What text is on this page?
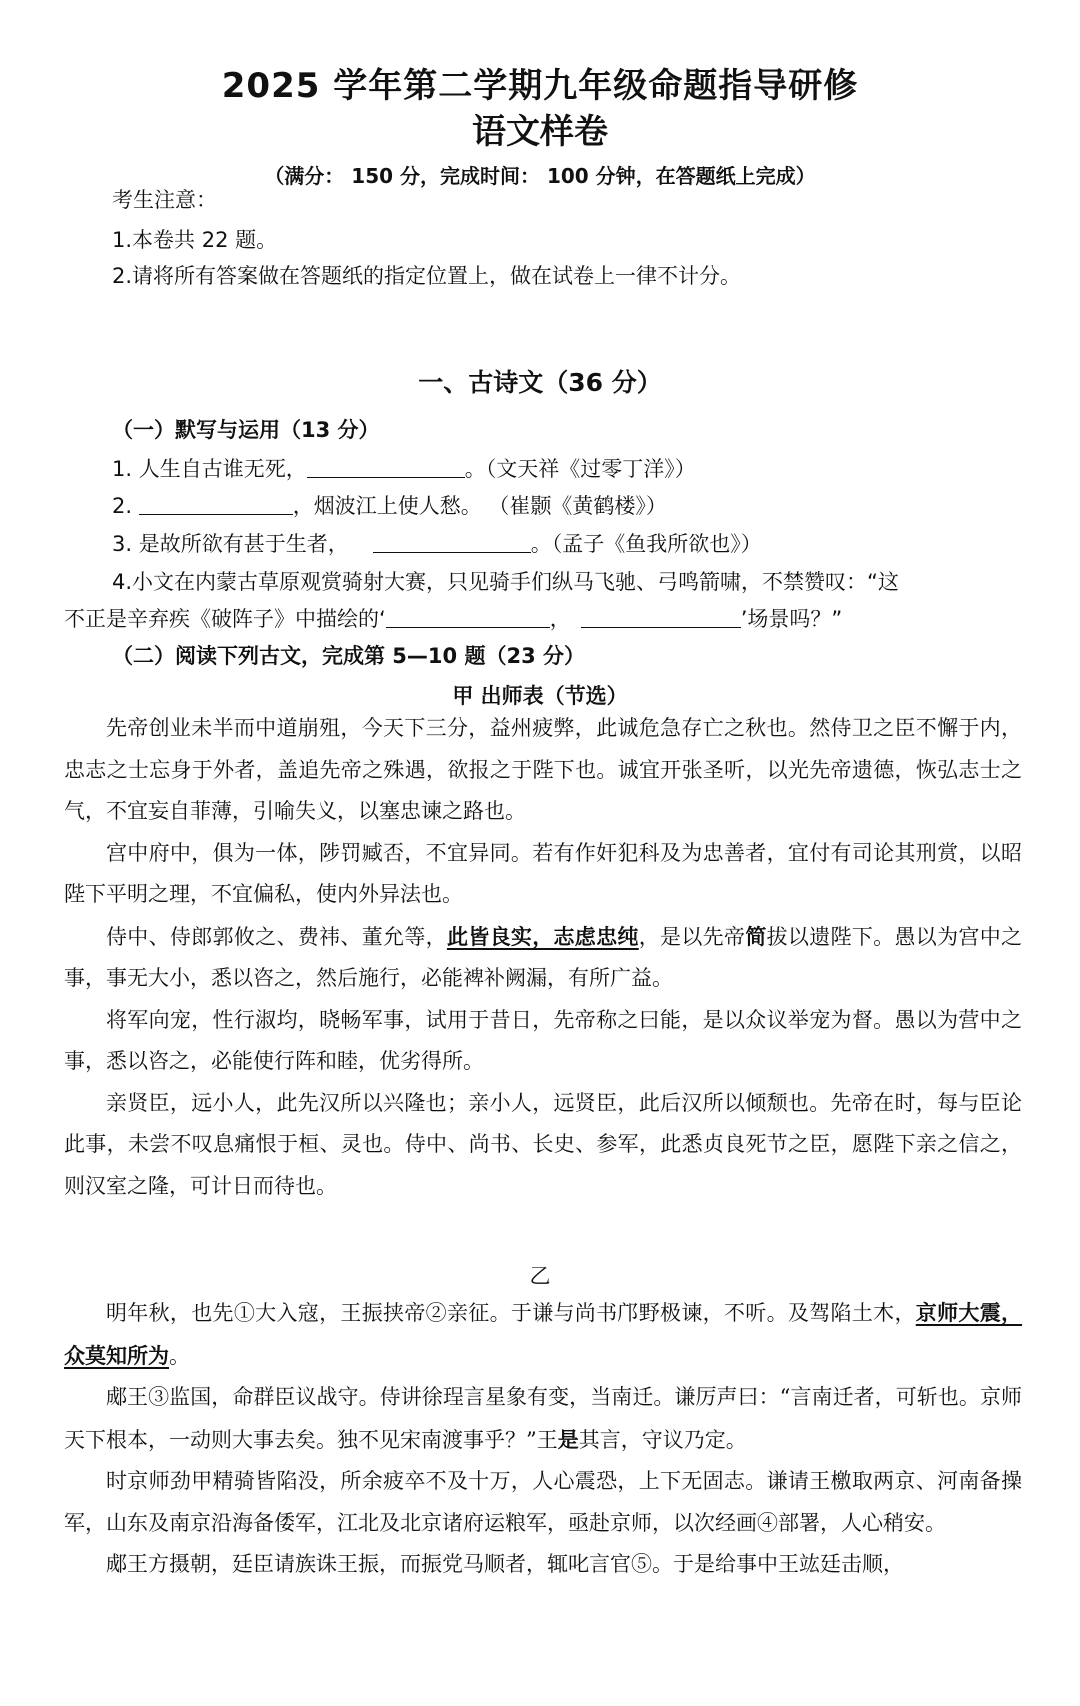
2025 学年第二学期九年级命题指导研修
语文样卷
（满分： 150 分，完成时间： 100 分钟，在答题纸上完成）
考生注意：
1.本卷共 22 题。
2.请将所有答案做在答题纸的指定位置上，做在试卷上一律不计分。
一、古诗文（36 分）
（一）默写与运用（13 分）
1. 人生自古谁无死，	。（文天祥《过零丁洋》）
2.	，烟波江上使人愁。 （崔颢《黄鹤楼》）
3. 是故所欲有甚于生者，	。（孟子《鱼我所欲也》）
4.小文在内蒙古草原观赏骑射大赛，只见骑手们纵马飞驰、弓鸣箭啸，不禁赞叹：“这
不正是辛弃疾《破阵子》中描绘的‘	，	’场景吗？”
（二）阅读下列古文，完成第 5—10 题（23 分）
甲 出师表（节选）

先帝创业未半而中道崩殂，今天下三分，益州疲弊，此诚危急存亡之秋也。然侍卫之臣不懈于内，忠志之士忘身于外者，盖追先帝之殊遇，欲报之于陛下也。诚宜开张圣听，以光先帝遗德，恢弘志士之气，不宜妄自菲薄，引喻失义，以塞忠谏之路也。

宫中府中，俱为一体，陟罚臧否，不宜异同。若有作奸犯科及为忠善者，宜付有司论其刑赏，以昭陛下平明之理，不宜偏私，使内外异法也。

侍中、侍郎郭攸之、费祎、董允等，此皆良实，志虑忠纯，是以先帝简拔以遗陛下。愚以为宫中之事，事无大小，悉以咨之，然后施行，必能裨补阙漏，有所广益。

将军向宠，性行淑均，晓畅军事，试用于昔日，先帝称之曰能，是以众议举宠为督。愚以为营中之事，悉以咨之，必能使行阵和睦，优劣得所。

亲贤臣，远小人，此先汉所以兴隆也；亲小人，远贤臣，此后汉所以倾颓也。先帝在时，每与臣论此事，未尝不叹息痛恨于桓、灵也。侍中、尚书、长史、参军，此悉贞良死节之臣，愿陛下亲之信之，则汉室之隆，可计日而待也。

乙

明年秋，也先①大入寇，王振挟帝②亲征。于谦与尚书邝野极谏，不听。及驾陷土木，京师大震，众莫知所为。

郕王③监国，命群臣议战守。侍讲徐珵言星象有变，当南迁。谦厉声曰：“言南迁者，可斩也。京师天下根本，一动则大事去矣。独不见宋南渡事乎？”王是其言，守议乃定。

时京师劲甲精骑皆陷没，所余疲卒不及十万，人心震恐，上下无固志。谦请王檄取两京、河南备操军，山东及南京沿海备倭军，江北及北京诸府运粮军，亟赴京师，以次经画④部署，人心稍安。

郕王方摄朝，廷臣请族诛王振，而振党马顺者，辄叱言官⑤。于是给事中王竑廷击顺，
